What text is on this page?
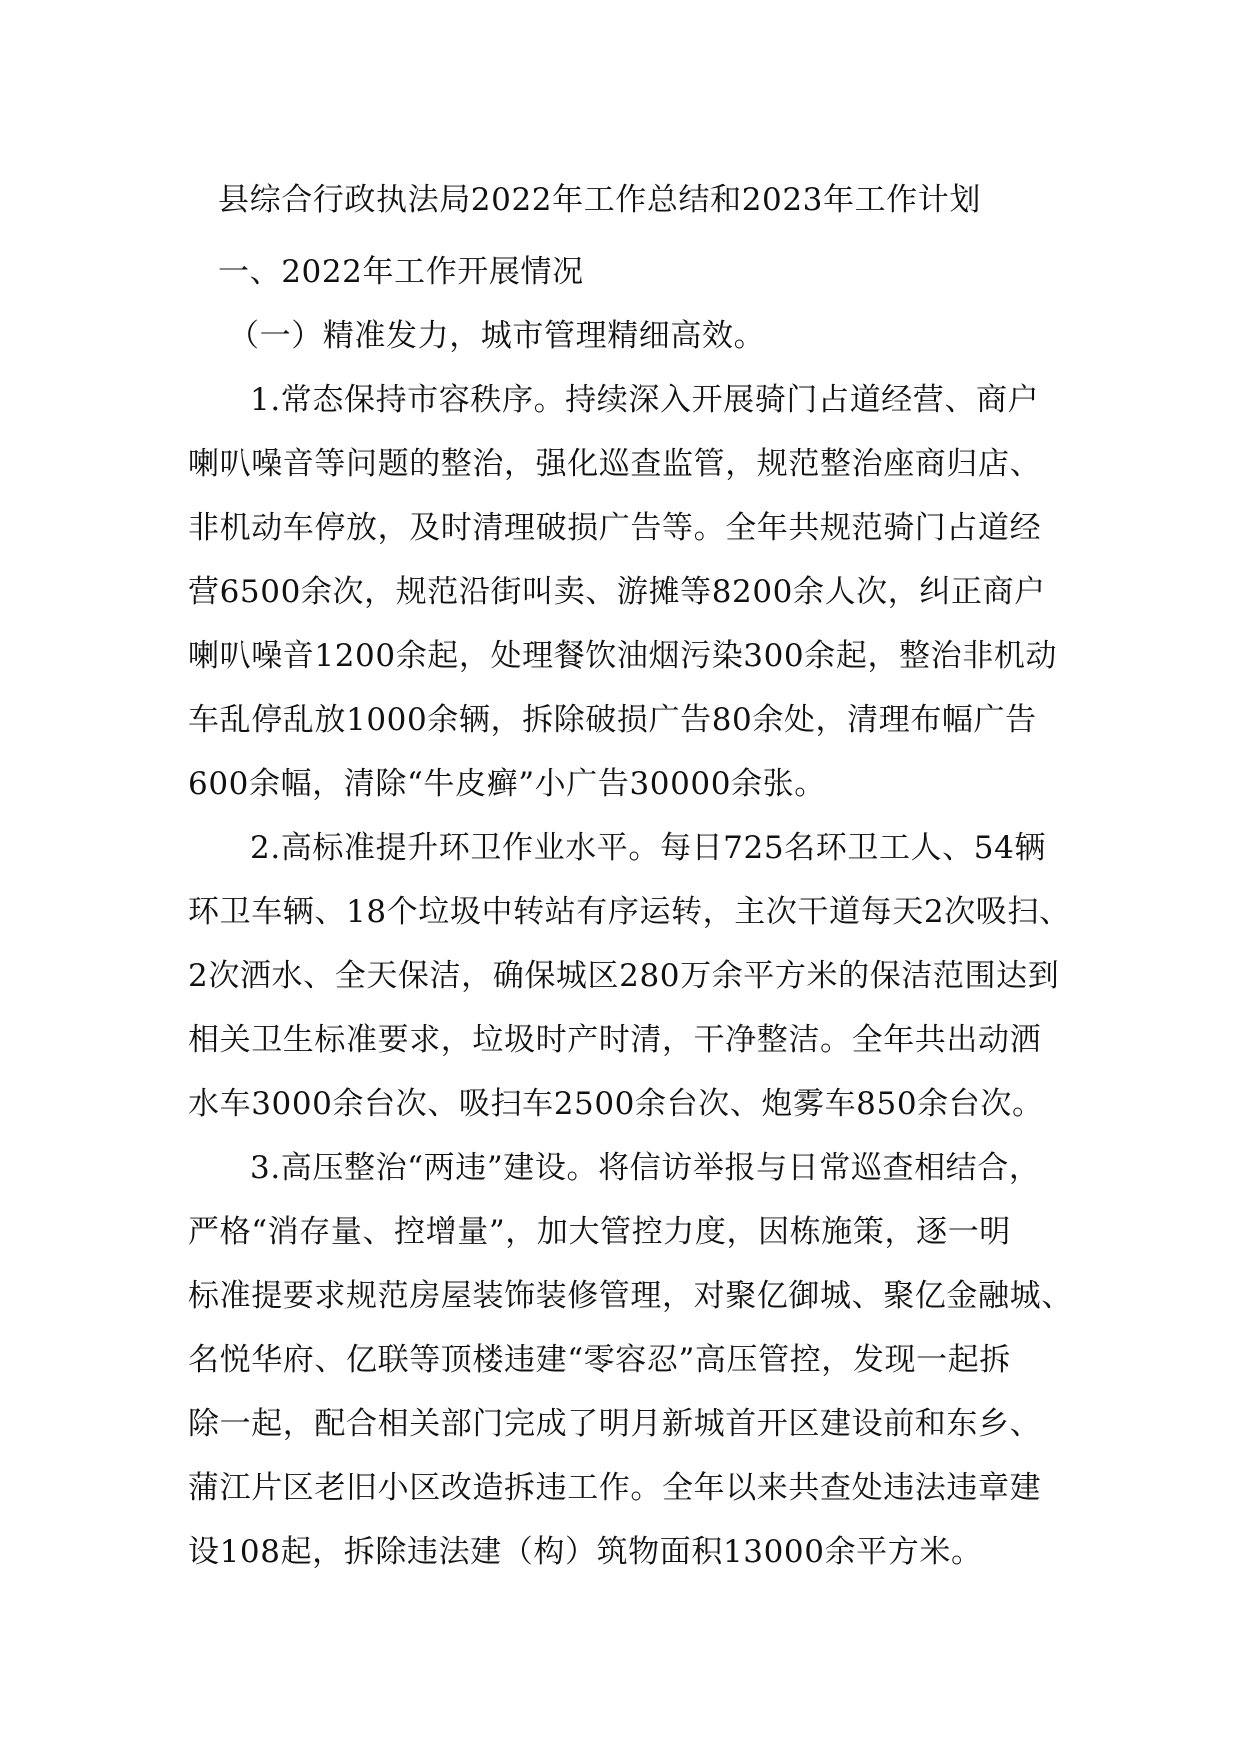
县综合行政执法局2022年工作总结和2023年工作计划
一、2022年工作开展情况
（一）精准发力，城市管理精细高效。
1.常态保持市容秩序。持续深入开展骑门占道经营、商户
喇叭噪音等问题的整治，强化巡查监管，规范整治座商归店、
非机动车停放，及时清理破损广告等。全年共规范骑门占道经
营6500余次，规范沿街叫卖、游摊等8200余人次，纠正商户
喇叭噪音1200余起，处理餐饮油烟污染300余起，整治非机动
车乱停乱放1000余辆，拆除破损广告80余处，清理布幅广告
600余幅，清除“牛皮癣”小广告30000余张。
2.高标准提升环卫作业水平。每日725名环卫工人、54辆
环卫车辆、18个垃圾中转站有序运转，主次干道每天2次吸扫、
2次洒水、全天保洁，确保城区280万余平方米的保洁范围达到
相关卫生标准要求，垃圾时产时清，干净整洁。全年共出动洒
水车3000余台次、吸扫车2500余台次、炮雾车850余台次。
3.高压整治“两违”建设。将信访举报与日常巡查相结合，
严格“消存量、控增量”，加大管控力度，因栋施策，逐一明
标准提要求规范房屋装饰装修管理，对聚亿御城、聚亿金融城、
名悦华府、亿联等顶楼违建“零容忍”高压管控，发现一起拆
除一起，配合相关部门完成了明月新城首开区建设前和东乡、
蒲江片区老旧小区改造拆违工作。全年以来共查处违法违章建
设108起，拆除违法建（构）筑物面积13000余平方米。
